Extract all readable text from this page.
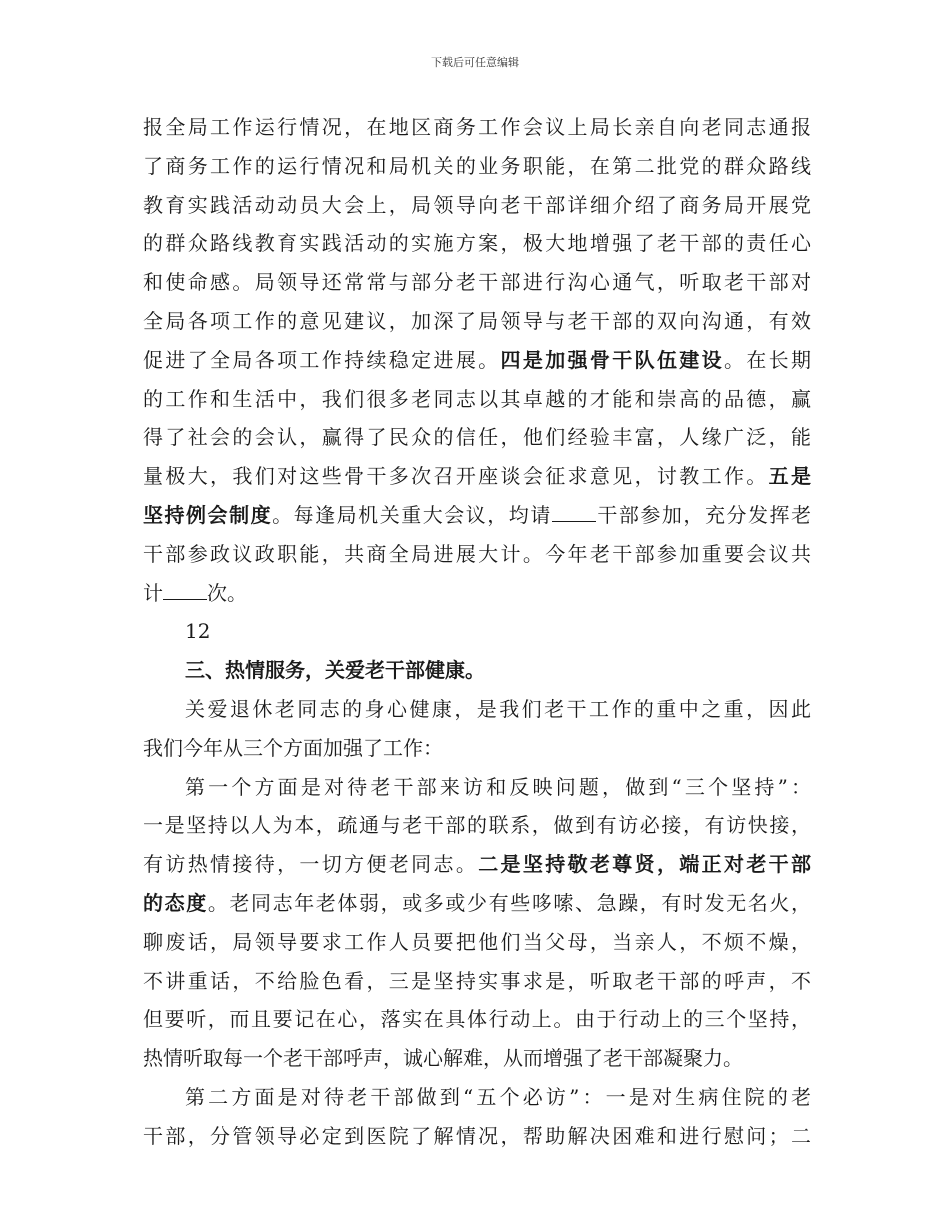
下载后可任意编辑
报全局工作运行情况，在地区商务工作会议上局长亲自向老同志通报
了商务工作的运行情况和局机关的业务职能，在第二批党的群众路线
教育实践活动动员大会上，局领导向老干部详细介绍了商务局开展党
的群众路线教育实践活动的实施方案，极大地增强了老干部的责任心
和使命感。局领导还常常与部分老干部进行沟心通气，听取老干部对
全局各项工作的意见建议，加深了局领导与老干部的双向沟通，有效
促进了全局各项工作持续稳定进展。四是加强骨干队伍建设。在长期
的工作和生活中，我们很多老同志以其卓越的才能和崇高的品德，赢
得了社会的会认，赢得了民众的信任，他们经验丰富，人缘广泛，能
量极大，我们对这些骨干多次召开座谈会征求意见，讨教工作。五是
坚持例会制度。每逢局机关重大会议，均请 干部参加，充分发挥老
干部参政议政职能，共商全局进展大计。今年老干部参加重要会议共
计 次。
12
三、热情服务，关爱老干部健康。
关爱退休老同志的身心健康，是我们老干工作的重中之重，因此
我们今年从三个方面加强了工作：
第一个方面是对待老干部来访和反映问题，做到“三个坚持”：
一是坚持以人为本，疏通与老干部的联系，做到有访必接，有访快接，
有访热情接待，一切方便老同志。二是坚持敬老尊贤，端正对老干部
的态度。老同志年老体弱，或多或少有些哆嗦、急躁，有时发无名火，
聊废话，局领导要求工作人员要把他们当父母，当亲人，不烦不燥，
不讲重话，不给脸色看，三是坚持实事求是，听取老干部的呼声，不
但要听，而且要记在心，落实在具体行动上。由于行动上的三个坚持，
热情听取每一个老干部呼声，诚心解难，从而增强了老干部凝聚力。
第二方面是对待老干部做到“五个必访”：一是对生病住院的老
干部，分管领导必定到医院了解情况，帮助解决困难和进行慰问；二
